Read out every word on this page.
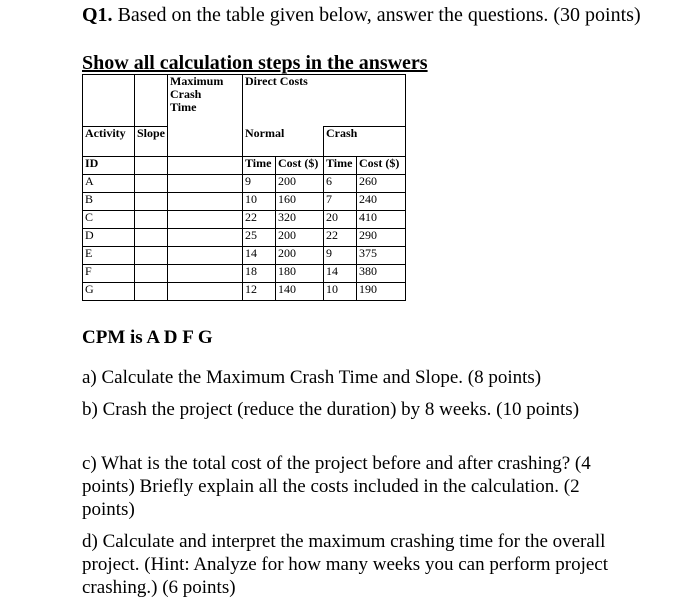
Q1. Based on the table given below, answer the questions. (30 points)
Show all calculation steps in the answers

		Maximum
Crash
Time	Direct Costs			
Activity	Slope		Normal		Crash	
ID			Time	Cost ($)	Time	Cost ($)
A			9	200	6	260
B			10	160	7	240
C			22	320	20	410
D			25	200	22	290
E			14	200	9	375
F			18	180	14	380
G			12	140	10	190
CPM is A D F G
a) Calculate the Maximum Crash Time and Slope. (8 points)
b) Crash the project (reduce the duration) by 8 weeks. (10 points)
c) What is the total cost of the project before and after crashing? (4 points) Briefly explain all the costs included in the calculation. (2 points)
d) Calculate and interpret the maximum crashing time for the overall project. (Hint: Analyze for how many weeks you can perform project crashing.) (6 points)
